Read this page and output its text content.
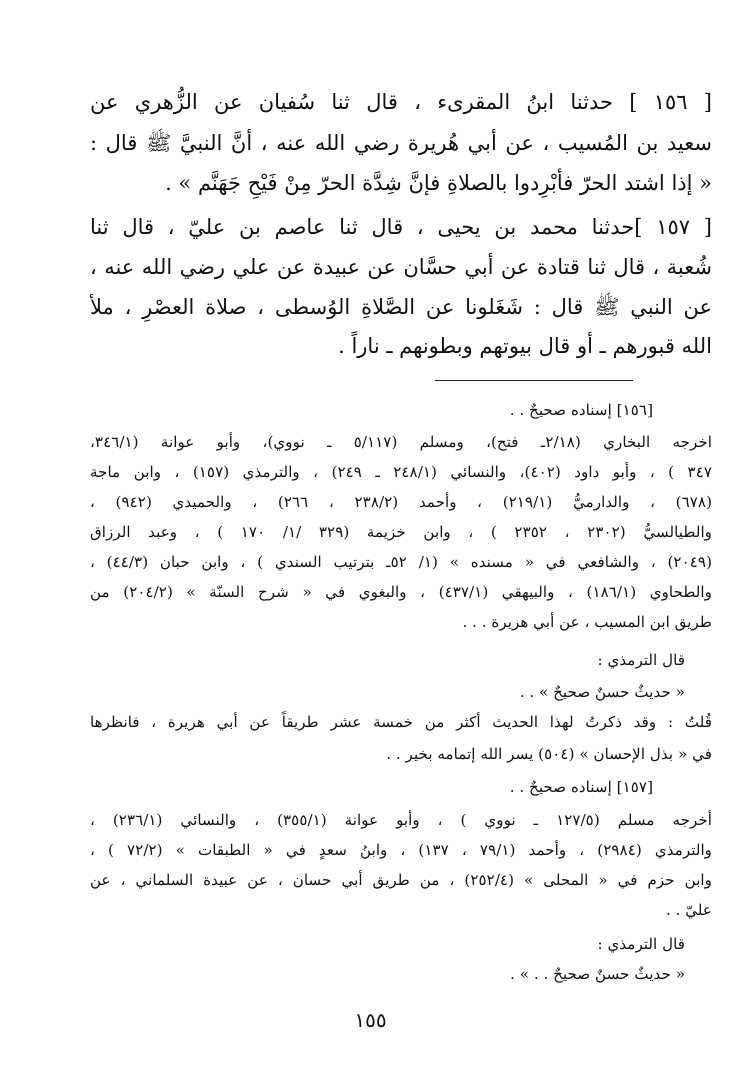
[ ١٥٦ ] حدثنا ابنُ المقرىء ، قال ثنا سُفيان عن الزُّهري عن
سعيد بن المُسيب ، عن أبي هُريرة رضي الله عنه ، أنَّ النبيَّ ﷺ قال :
« إذا اشتد الحرّ فأبْرِدوا بالصلاةِ فإنَّ شِدَّة الحرّ مِنْ فَيْحِ جَهَنَّم » .
[ ١٥٧ ]حدثنا محمد بن يحيى ، قال ثنا عاصم بن عليّ ، قال ثنا
شُعبة ، قال ثنا قتادة عن أبي حسَّان عن عبيدة عن علي رضي الله عنه ،
عن النبي ﷺ قال : شَغَلونا عن الصَّلاةِ الوُسطى ، صلاة العصْرِ ، ملأ
الله قبورهم ـ أو قال بيوتهم وبطونهم ـ ناراً .
[١٥٦] إسناده صحيحٌ . .
اخرجه البخاري (٢/١٨ـ فتح)، ومسلم (٥/١١٧ ـ نووي)، وأبو عوانة (٣٤٦/١،
٣٤٧ ) ، وأبو داود (٤٠٢)، والنسائي (٢٤٨/١ ـ ٢٤٩) ، والترمذي (١٥٧) ، وابن ماجة
(٦٧٨) ، والدارميُّ (٢١٩/١) ، وأحمد (٢٣٨/٢ ، ٢٦٦) ، والحميدي (٩٤٢) ،
والطيالسيُّ (٢٣٠٢ ، ٢٣٥٢ ) ، وابن خزيمة (٣٢٩ /١/ ١٧٠ ) ، وعبد الرزاق
(٢٠٤٩) ، والشافعي في « مسنده » (١/ ٥٢ـ بترتيب السندي ) ، وابن حبان (٤٤/٣) ،
والطحاوي (١٨٦/١) ، والبيهقي (٤٣٧/١) ، والبغوي في « شرح السنّة » (٢٠٤/٢) من
طريق ابن المسيب ، عن أبي هريرة . . .
قال الترمذي :
« حديثٌ حسنٌ صحيحٌ » . .
قُلتُ : وقد ذكرتُ لهذا الحديث أكثر من خمسة عشر طريقاً عن أبي هريرة ، فانظرها
في « بذل الإحسان » (٥٠٤) يسر الله إتمامه بخير . .
[١٥٧] إسناده صحيحٌ . .
أخرجه مسلم (١٢٧/٥ ـ نووي ) ، وأبو عوانة (٣٥٥/١) ، والنسائي (٢٣٦/١) ،
والترمذي (٢٩٨٤) ، وأحمد (٧٩/١ ، ١٣٧) ، وابنُ سعدٍ في « الطبقات » (٧٢/٢ ) ،
وابن حزم في « المحلى » (٢٥٢/٤) ، من طريق أبي حسان ، عن عبيدة السلماني ، عن
عليّ . .
قال الترمذي :
« حديثٌ حسنٌ صحيحٌ . . » .
١٥٥
